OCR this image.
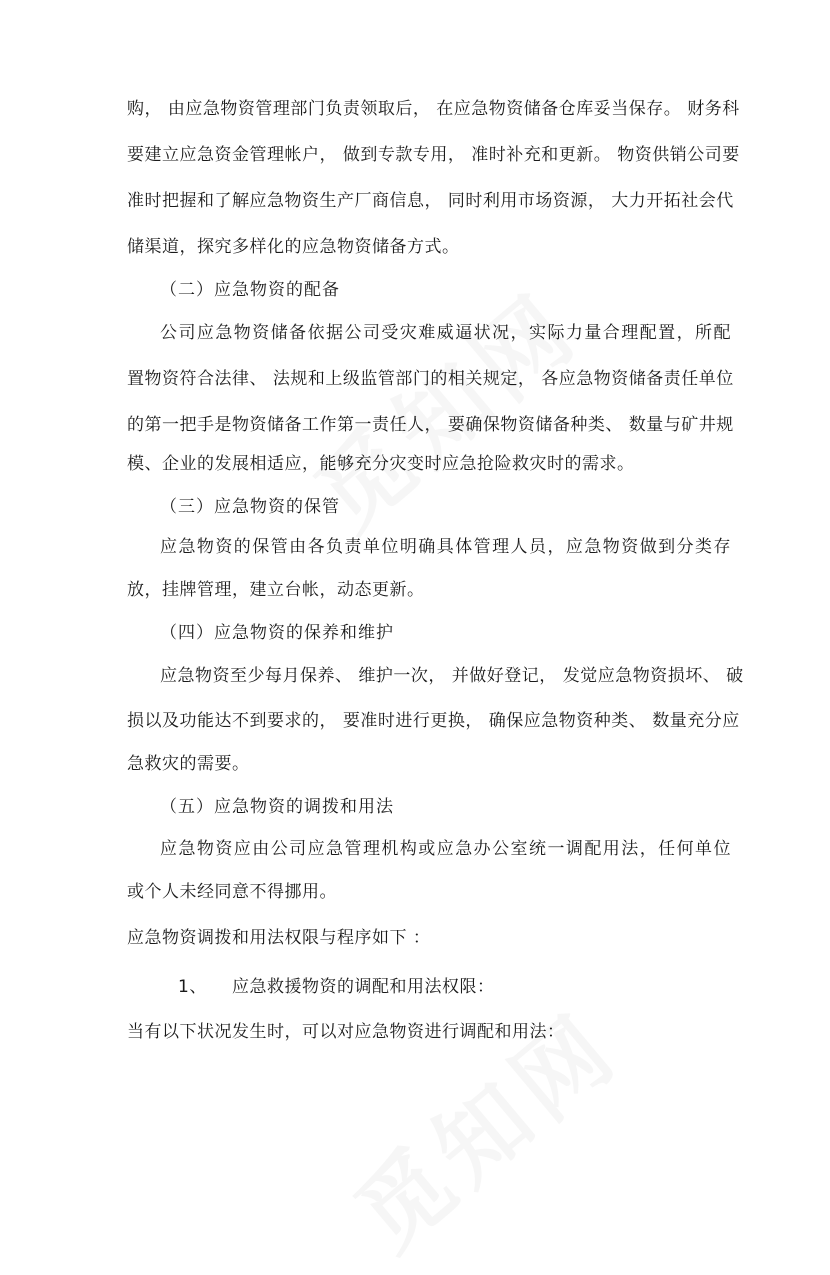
购， 由应急物资管理部门负责领取后， 在应急物资储备仓库妥当保存。 财务科
要建立应急资金管理帐户， 做到专款专用， 准时补充和更新。 物资供销公司要
准时把握和了解应急物资生产厂商信息， 同时利用市场资源， 大力开拓社会代
储渠道，探究多样化的应急物资储备方式。
（二）应急物资的配备
公司应急物资储备依据公司受灾难威逼状况，实际力量合理配置，所配
置物资符合法律、 法规和上级监管部门的相关规定， 各应急物资储备责任单位
的第一把手是物资储备工作第一责任人， 要确保物资储备种类、 数量与矿井规
模、企业的发展相适应，能够充分灾变时应急抢险救灾时的需求。
（三）应急物资的保管
应急物资的保管由各负责单位明确具体管理人员，应急物资做到分类存
放，挂牌管理，建立台帐，动态更新。
（四）应急物资的保养和维护
应急物资至少每月保养、 维护一次， 并做好登记， 发觉应急物资损坏、 破
损以及功能达不到要求的， 要准时进行更换， 确保应急物资种类、 数量充分应
急救灾的需要。
（五）应急物资的调拨和用法
应急物资应由公司应急管理机构或应急办公室统一调配用法，任何单位
或个人未经同意不得挪用。
应急物资调拨和用法权限与程序如下 ：
1、 应急救援物资的调配和用法权限：
当有以下状况发生时，可以对应急物资进行调配和用法：
